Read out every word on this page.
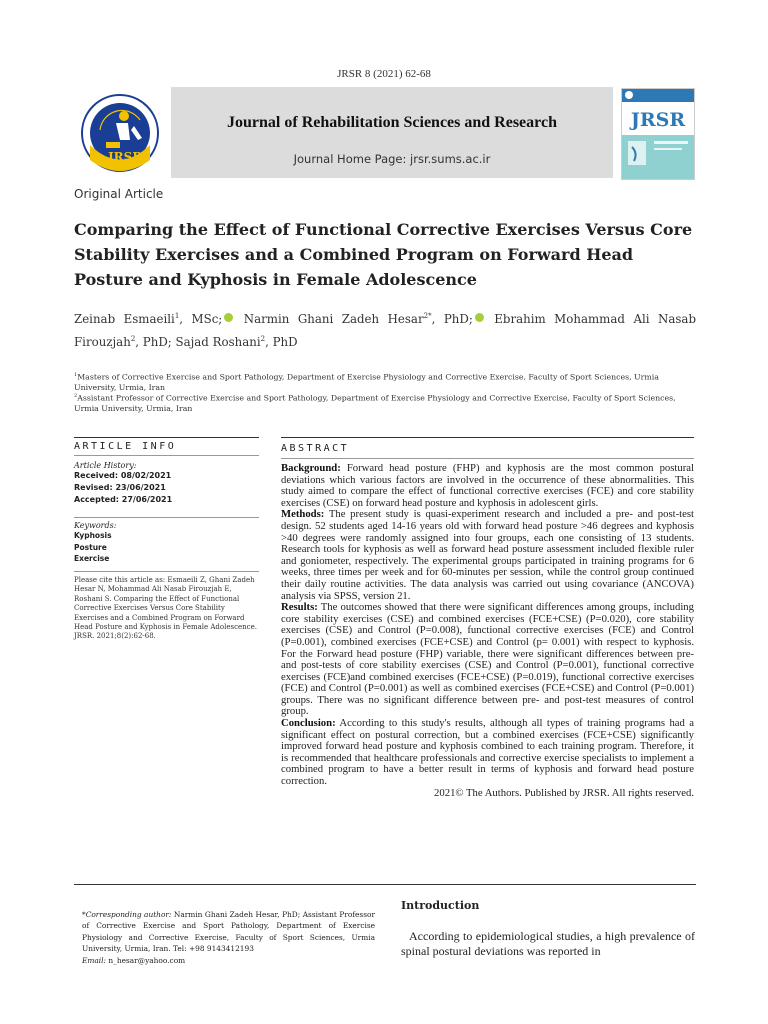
JRSR 8 (2021) 62-68
JRSR
Journal of Rehabilitation Sciences and Research
Journal Home Page: jrsr.sums.ac.ir
JRSR
Original Article
Comparing the Effect of Functional Corrective Exercises Versus Core Stability Exercises and a Combined Program on Forward Head Posture and Kyphosis in Female Adolescence
Zeinab Esmaeili$^1$, MSc; Narmin Ghani Zadeh Hesar$^{2*}$, PhD; Ebrahim Mohammad Ali Nasab Firouzjah$^2$, PhD; Sajad Roshani$^2$, PhD
$^1$Masters of Corrective Exercise and Sport Pathology, Department of Exercise Physiology and Corrective Exercise, Faculty of Sport Sciences, Urmia University, Urmia, Iran
$^2$Assistant Professor of Corrective Exercise and Sport Pathology, Department of Exercise Physiology and Corrective Exercise, Faculty of Sport Sciences, Urmia University, Urmia, Iran
ARTICLE INFO	ABSTRACT
Article History:
Received: 08/02/2021
Revised: 23/06/2021
Accepted: 27/06/2021
Keywords:
Kyphosis
Posture
Exercise
Please cite this article as: Esmaeili Z, Ghani Zadeh Hesar N, Mohammad Ali Nasab Firouzjah E, Roshani S. Comparing the Effect of Functional Corrective Exercises Versus Core Stability Exercises and a Combined Program on Forward Head Posture and Kyphosis in Female Adolescence. JRSR. 2021;8(2):62-68.

Background: Forward head posture (FHP) and kyphosis are the most common postural deviations which various factors are involved in the occurrence of these abnormalities. This study aimed to compare the effect of functional corrective exercises (FCE) and core stability exercises (CSE) on forward head posture and kyphosis in adolescent girls.

Methods: The present study is quasi-experiment research and included a pre- and post-test design. 52 students aged 14-16 years old with forward head posture >46 degrees and kyphosis >40 degrees were randomly assigned into four groups, each one consisting of 13 students. Research tools for kyphosis as well as forward head posture assessment included flexible ruler and goniometer, respectively. The experimental groups participated in training programs for 6 weeks, three times per week and for 60-minutes per session, while the control group continued their daily routine activities. The data analysis was carried out using covariance (ANCOVA) analysis via SPSS, version 21.

Results: The outcomes showed that there were significant differences among groups, including core stability exercises (CSE) and combined exercises (FCE+CSE) (P=0.020), core stability exercises (CSE) and Control (P=0.008), functional corrective exercises (FCE) and Control (P=0.001), combined exercises (FCE+CSE) and Control (p= 0.001) with respect to kyphosis. For the Forward head posture (FHP) variable, there were significant differences between pre- and post-tests of core stability exercises (CSE) and Control (P=0.001), functional corrective exercises (FCE)and combined exercises (FCE+CSE) (P=0.019), functional corrective exercises (FCE) and Control (P=0.001) as well as combined exercises (FCE+CSE) and Control (P=0.001) groups. There was no significant difference between pre- and post-test measures of control group.

Conclusion: According to this study's results, although all types of training programs had a significant effect on postural correction, but a combined exercises (FCE+CSE) significantly improved forward head posture and kyphosis combined to each training program. Therefore, it is recommended that healthcare professionals and corrective exercise specialists to implement a combined program to have a better result in terms of kyphosis and forward head posture correction.

2021© The Authors. Published by JRSR. All rights reserved.

*Corresponding author: Narmin Ghani Zadeh Hesar, PhD; Assistant Professor of Corrective Exercise and Sport Pathology, Department of Exercise Physiology and Corrective Exercise, Faculty of Sport Sciences, Urmia University, Urmia, Iran. Tel: +98 9143412193
Email: n_hesar@yahoo.com
Introduction
According to epidemiological studies, a high prevalence of spinal postural deviations was reported in
